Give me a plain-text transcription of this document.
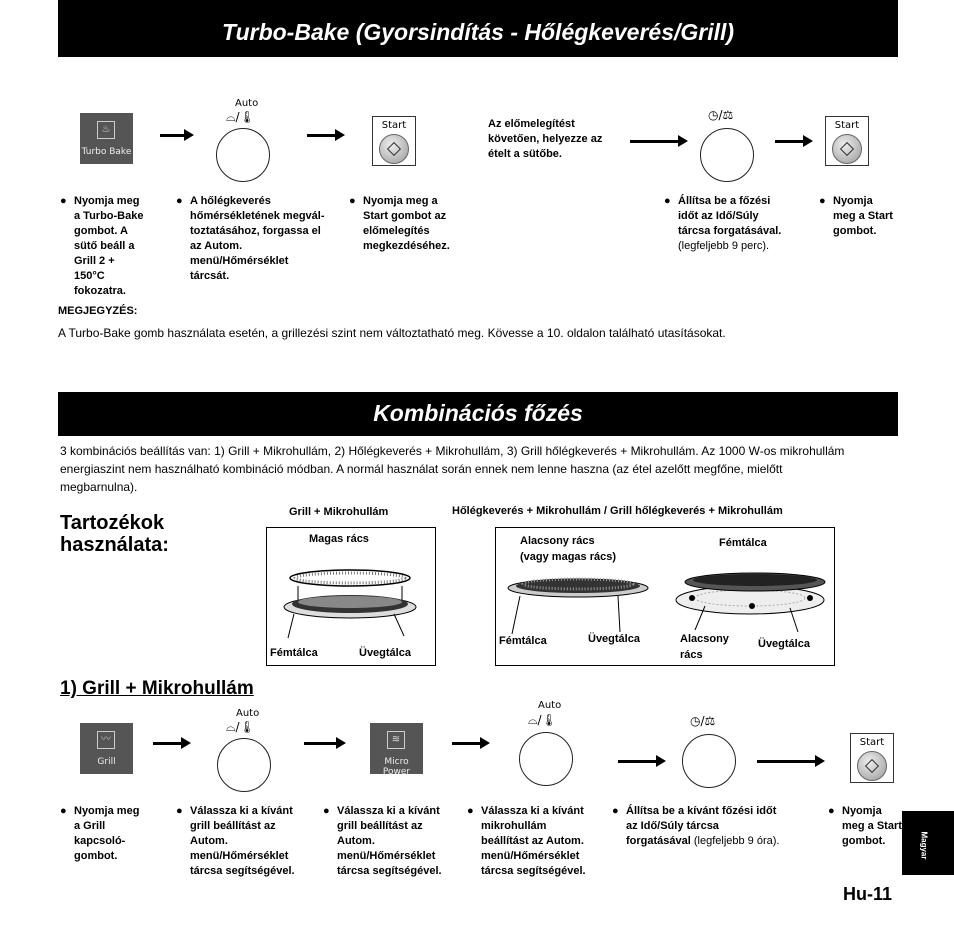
Turbo-Bake (Gyorsindítás - Hőlégkeverés/Grill)
♨
Turbo Bake
Auto
⌓/🌡
Start	Az előmelegítést
követően, helyezze az
ételt a sütőbe.
◷/⚖
Start
● Nyomja meg
a Turbo-Bake
gombot. A
sütő beáll a
Grill 2 +
150°C
fokozatra.
● A hőlégkeverés
hőmérsékletének megvál-
toztatásához, forgassa el
az Autom.
menü/Hőmérséklet
tárcsát.
● Nyomja meg a
Start gombot az
előmelegítés
megkezdéséhez.
● Állítsa be a főzési
időt az Idő/Súly
tárcsa forgatásával.
(legfeljebb 9 perc).
● Nyomja
meg a Start
gombot.
MEGJEGYZÉS:
A Turbo-Bake gomb használata esetén, a grillezési szint nem változtatható meg. Kövesse a 10. oldalon található utasításokat.
Kombinációs főzés
3 kombinációs beállítás van: 1) Grill + Mikrohullám, 2) Hőlégkeverés + Mikrohullám, 3) Grill hőlégkeverés + Mikrohullám. Az 1000 W-os mikrohullám energiaszint nem használható kombináció módban. A normál használat során ennek nem lenne haszna (az étel azelőtt megfőne, mielőtt megbarnulna).
Tartozékok
használata:
Grill + Mikrohullám
Magas rács
Fémtálca	Üvegtálca
Hőlégkeverés + Mikrohullám / Grill hőlégkeverés + Mikrohullám
Alacsony rács
(vagy magas rács)
Fémtálca
Fémtálca	Üvegtálca	Alacsony
rács
Üvegtálca
1) Grill + Mikrohullám
〰
Grill
Auto
⌓/🌡
≋
Micro Power
Auto
⌓/🌡	◷/⚖
Start
● Nyomja meg
a Grill
kapcsoló-
gombot.
● Válassza ki a kívánt
grill beállítást az
Autom.
menü/Hőmérséklet
tárcsa segítségével.
● Válassza ki a kívánt
grill beállítást az
Autom.
menü/Hőmérséklet
tárcsa segítségével.
● Válassza ki a kívánt
mikrohullám
beállítást az Autom.
menü/Hőmérséklet
tárcsa segítségével.
● Állítsa be a kívánt főzési időt
az Idő/Súly tárcsa
forgatásával (legfeljebb 9 óra).
● Nyomja
meg a Start
gombot.
Hu-11
Magyar
